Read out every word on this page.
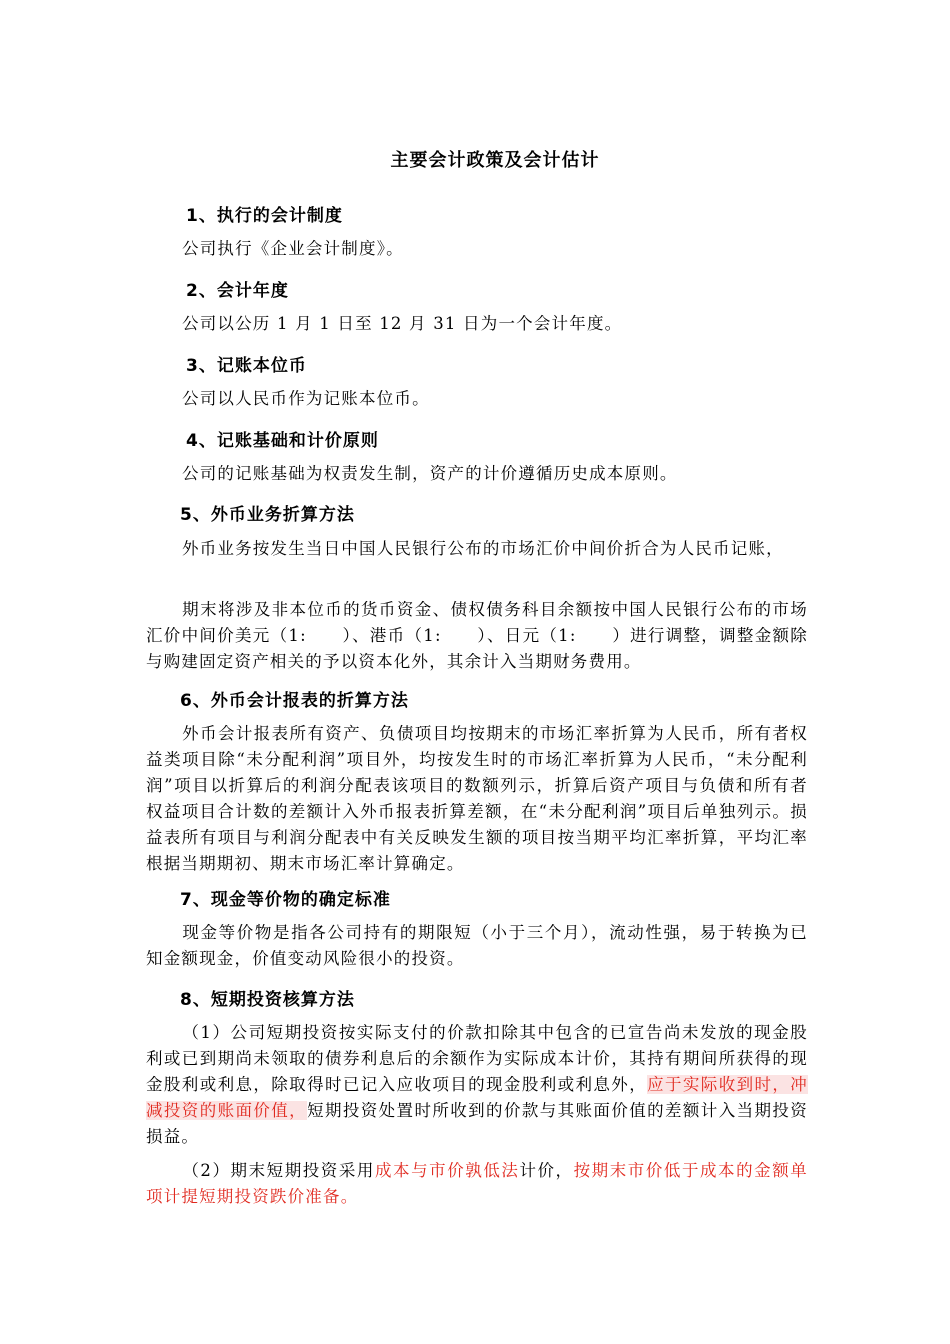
主要会计政策及会计估计
1、执行的会计制度

公司执行《企业会计制度》。

2、会计年度

公司以公历 1 月 1 日至 12 月 31 日为一个会计年度。

3、记账本位币

公司以人民币作为记账本位币。

4、记账基础和计价原则

公司的记账基础为权责发生制，资产的计价遵循历史成本原则。

5、外币业务折算方法

外币业务按发生当日中国人民银行公布的市场汇价中间价折合为人民币记账，

期末将涉及非本位币的货币资金、债权债务科目余额按中国人民银行公布的市场汇价中间价美元（1:　　）、港币（1:　　）、日元（1:　　）进行调整，调整金额除与购建固定资产相关的予以资本化外，其余计入当期财务费用。

6、外币会计报表的折算方法

外币会计报表所有资产、负债项目均按期末的市场汇率折算为人民币，所有者权益类项目除“未分配利润”项目外，均按发生时的市场汇率折算为人民币，“未分配利润”项目以折算后的利润分配表该项目的数额列示，折算后资产项目与负债和所有者权益项目合计数的差额计入外币报表折算差额，在“未分配利润”项目后单独列示。损益表所有项目与利润分配表中有关反映发生额的项目按当期平均汇率折算，平均汇率根据当期期初、期末市场汇率计算确定。

7、现金等价物的确定标准

现金等价物是指各公司持有的期限短（小于三个月），流动性强，易于转换为已知金额现金，价值变动风险很小的投资。

8、短期投资核算方法

（1）公司短期投资按实际支付的价款扣除其中包含的已宣告尚未发放的现金股利或已到期尚未领取的债券利息后的余额作为实际成本计价，其持有期间所获得的现金股利或利息，除取得时已记入应收项目的现金股利或利息外，应于实际收到时，冲减投资的账面价值，短期投资处置时所收到的价款与其账面价值的差额计入当期投资损益。

（2）期末短期投资采用成本与市价孰低法计价，按期末市价低于成本的金额单项计提短期投资跌价准备。
